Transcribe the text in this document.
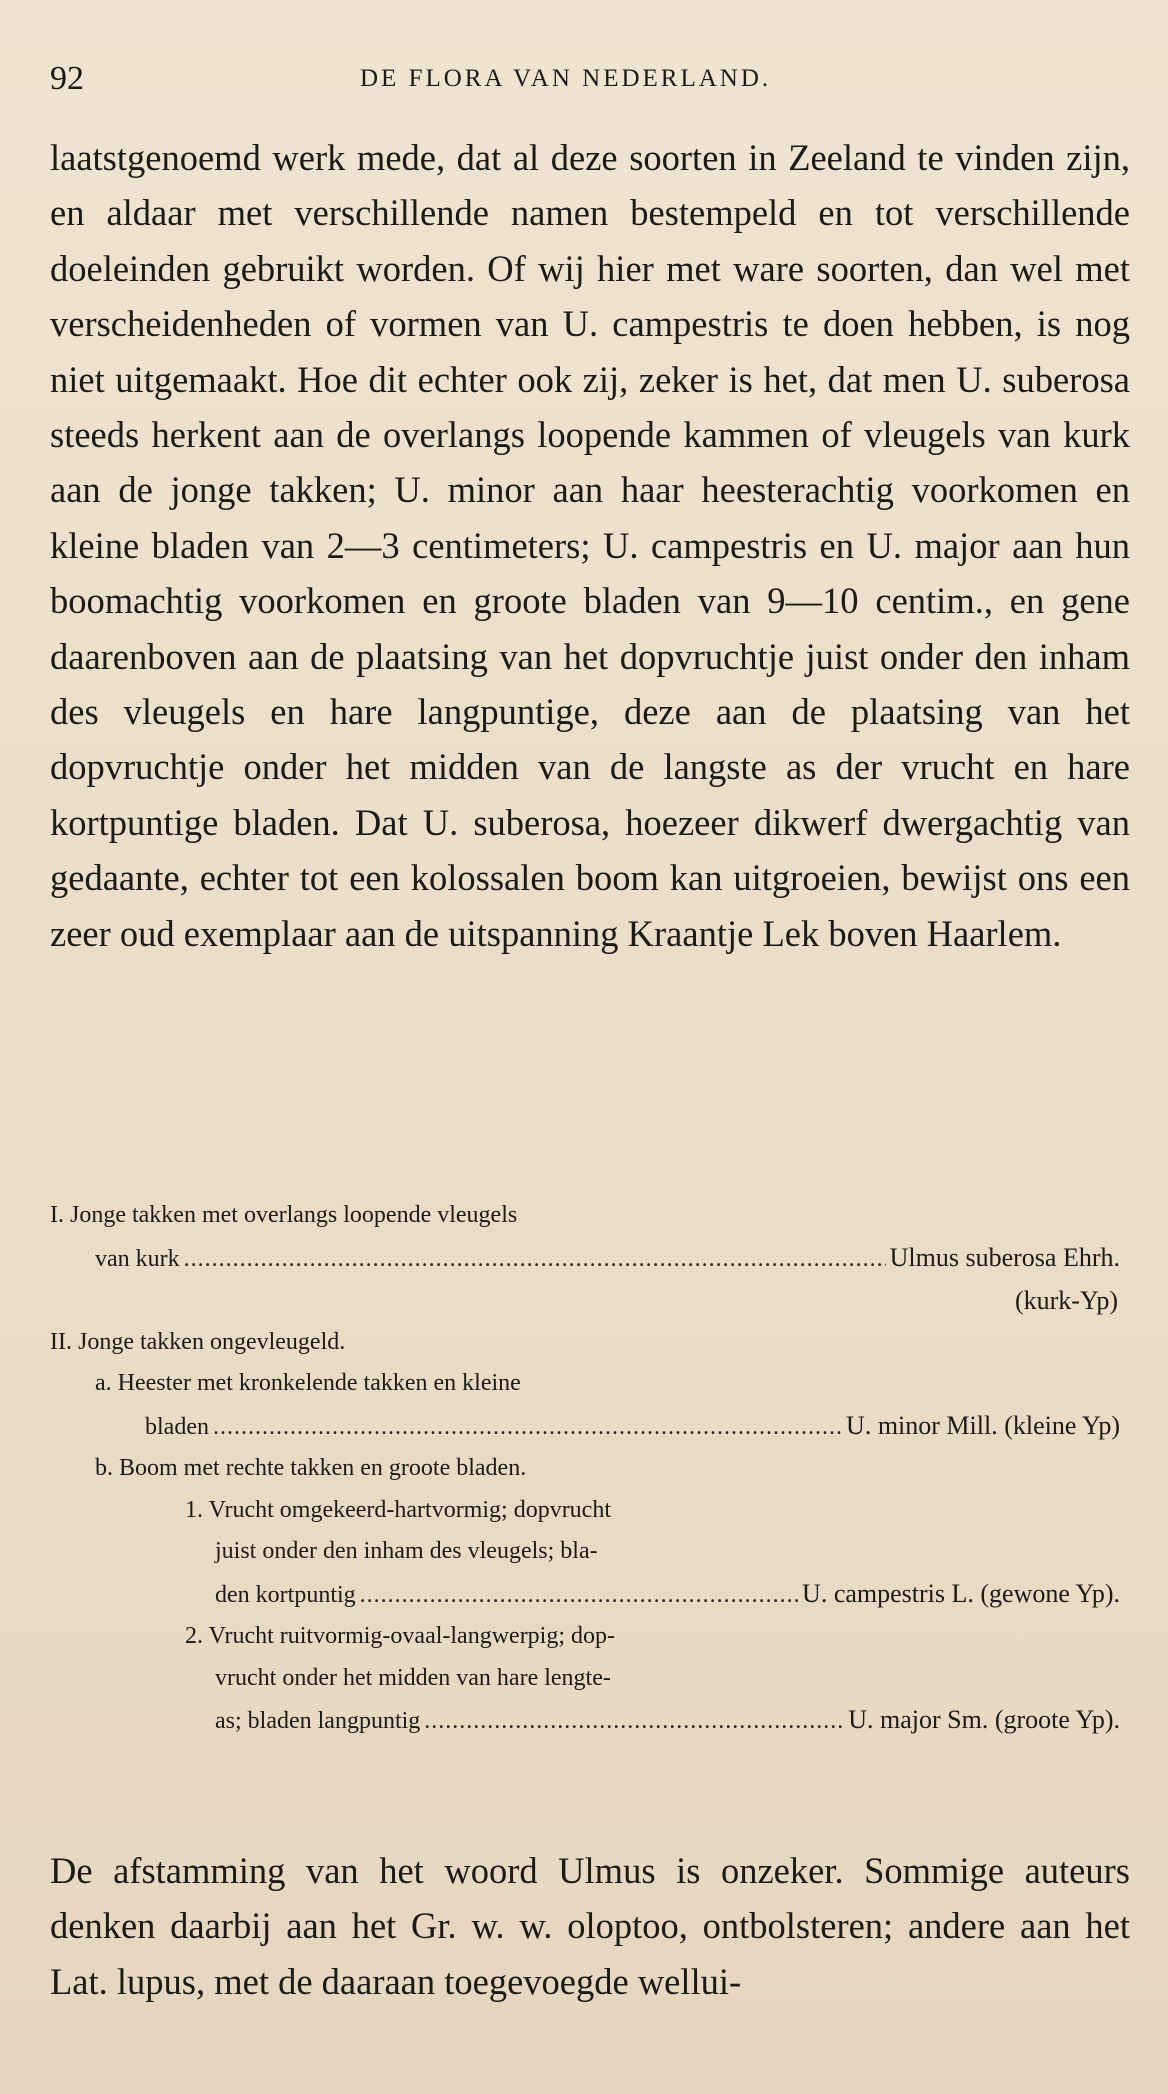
92	DE FLORA VAN NEDERLAND.

laatstgenoemd werk mede, dat al deze soorten in Zeeland te vinden zijn, en aldaar met verschillende namen bestempeld en tot verschillende doeleinden gebruikt worden. Of wij hier met ware soorten, dan wel met verscheidenheden of vormen van U. campestris te doen hebben, is nog niet uitgemaakt. Hoe dit echter ook zij, zeker is het, dat men U. suberosa steeds herkent aan de overlangs loopende kammen of vleugels van kurk aan de jonge takken; U. minor aan haar heesterachtig voorkomen en kleine bladen van 2—3 centimeters; U. campestris en U. major aan hun boomachtig voorkomen en groote bladen van 9—10 centim., en gene daarenboven aan de plaatsing van het dopvruchtje juist onder den inham des vleugels en hare langpuntige, deze aan de plaatsing van het dopvruchtje onder het midden van de langste as der vrucht en hare kortpuntige bladen. Dat U. suberosa, hoezeer dikwerf dwergachtig van gedaante, echter tot een kolossalen boom kan uitgroeien, bewijst ons een zeer oud exemplaar aan de uitspanning Kraantje Lek boven Haarlem.

I. Jonge takken met overlangs loopende vleugels
van kurk .....	Ulmus suberosa Ehrh.
(kurk-Yp)
II. Jonge takken ongevleugeld.
a. Heester met kronkelende takken en kleine
bladen .....	U. minor Mill. (kleine Yp)
b. Boom met rechte takken en groote bladen.
1. Vrucht omgekeerd-hartvormig; dopvrucht
juist onder den inham des vleugels; bla-
den kortpuntig .....	U. campestris L. (gewone Yp).
2. Vrucht ruitvormig-ovaal-langwerpig; dop-
vrucht onder het midden van hare lengte-
as; bladen langpuntig .....	U. major Sm. (groote Yp).

De afstamming van het woord Ulmus is onzeker. Sommige auteurs denken daarbij aan het Gr. w. w. oloptoo, ontbolsteren; andere aan het Lat. lupus, met de daaraan toegevoegde wellui-
